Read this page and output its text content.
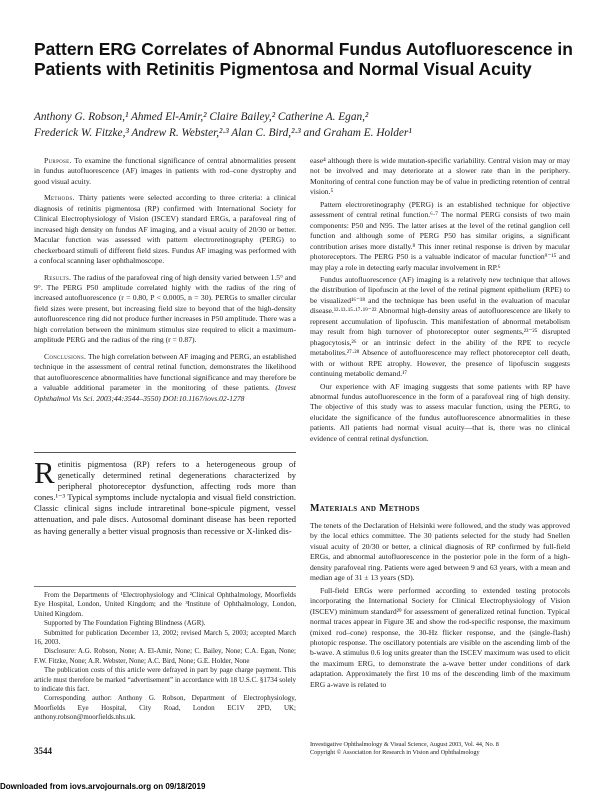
Pattern ERG Correlates of Abnormal Fundus Autofluorescence in Patients with Retinitis Pigmentosa and Normal Visual Acuity
Anthony G. Robson,¹ Ahmed El-Amir,² Claire Bailey,² Catherine A. Egan,²
Frederick W. Fitzke,³ Andrew R. Webster,²·³ Alan C. Bird,²·³ and Graham E. Holder¹

Purpose. To examine the functional significance of central abnormalities present in fundus autofluorescence (AF) images in patients with rod–cone dystrophy and good visual acuity.

Methods. Thirty patients were selected according to three criteria: a clinical diagnosis of retinitis pigmentosa (RP) confirmed with International Society for Clinical Electrophysiology of Vision (ISCEV) standard ERGs, a parafoveal ring of increased high density on fundus AF imaging, and a visual acuity of 20/30 or better. Macular function was assessed with pattern electroretinography (PERG) to checkerboard stimuli of different field sizes. Fundus AF imaging was performed with a confocal scanning laser ophthalmoscope.

Results. The radius of the parafoveal ring of high density varied between 1.5° and 9°. The PERG P50 amplitude correlated highly with the radius of the ring of increased autofluorescence (r = 0.80, P < 0.0005, n = 30). PERGs to smaller circular field sizes were present, but increasing field size to beyond that of the high-density autofluorescence ring did not produce further increases in P50 amplitude. There was a high correlation between the minimum stimulus size required to elicit a maximum-amplitude PERG and the radius of the ring (r = 0.87).

Conclusions. The high correlation between AF imaging and PERG, an established technique in the assessment of central retinal function, demonstrates the likelihood that autofluorescence abnormalities have functional significance and may therefore be a valuable additional parameter in the monitoring of these patients. (Invest Ophthalmol Vis Sci. 2003;44:3544–3550) DOI:10.1167/iovs.02-1278

Retinitis pigmentosa (RP) refers to a heterogeneous group of genetically determined retinal degenerations characterized by peripheral photoreceptor dysfunction, affecting rods more than cones.¹⁻³ Typical symptoms include nyctalopia and visual field constriction. Classic clinical signs include intraretinal bone-spicule pigment, vessel attenuation, and pale discs. Autosomal dominant disease has been reported as having generally a better visual prognosis than recessive or X-linked dis-

From the Departments of ¹Electrophysiology and ²Clinical Ophthalmology, Moorfields Eye Hospital, London, United Kingdom; and the ³Institute of Ophthalmology, London, United Kingdom.

Supported by The Foundation Fighting Blindness (AGR).

Submitted for publication December 13, 2002; revised March 5, 2003; accepted March 16, 2003.

Disclosure: A.G. Robson, None; A. El-Amir, None; C. Bailey, None; C.A. Egan, None; F.W. Fitzke, None; A.R. Webster, None; A.C. Bird, None; G.E. Holder, None

The publication costs of this article were defrayed in part by page charge payment. This article must therefore be marked “advertisement” in accordance with 18 U.S.C. §1734 solely to indicate this fact.

Corresponding author: Anthony G. Robson, Department of Electrophysiology, Moorfields Eye Hospital, City Road, London EC1V 2PD, UK; anthony.robson@moorfields.nhs.uk.

ease⁴ although there is wide mutation-specific variability. Central vision may or may not be involved and may deteriorate at a slower rate than in the periphery. Monitoring of central cone function may be of value in predicting retention of central vision.⁵

Pattern electroretinography (PERG) is an established technique for objective assessment of central retinal function.⁶·⁷ The normal PERG consists of two main components: P50 and N95. The latter arises at the level of the retinal ganglion cell function and although some of PERG P50 has similar origins, a significant contribution arises more distally.⁸ This inner retinal response is driven by macular photoreceptors. The PERG P50 is a valuable indicator of macular function⁹⁻¹⁵ and may play a role in detecting early macular involvement in RP.⁶

Fundus autofluorescence (AF) imaging is a relatively new technique that allows the distribution of lipofuscin at the level of the retinal pigment epithelium (RPE) to be visualized¹⁶⁻¹⁸ and the technique has been useful in the evaluation of macular disease.¹²·¹³·¹⁵·¹⁷·¹⁹⁻²² Abnormal high-density areas of autofluorescence are likely to represent accumulation of lipofuscin. This manifestation of abnormal metabolism may result from high turnover of photoreceptor outer segments,²³⁻²⁵ disrupted phagocytosis,²⁶ or an intrinsic defect in the ability of the RPE to recycle metabolites.²⁷·²⁸ Absence of autofluorescence may reflect photoreceptor cell death, with or without RPE atrophy. However, the presence of lipofuscin suggests continuing metabolic demand.¹⁷

Our experience with AF imaging suggests that some patients with RP have abnormal fundus autofluorescence in the form of a parafoveal ring of high density. The objective of this study was to assess macular function, using the PERG, to elucidate the significance of the fundus autofluorescence abnormalities in these patients. All patients had normal visual acuity—that is, there was no clinical evidence of central retinal dysfunction.

Materials and Methods

The tenets of the Declaration of Helsinki were followed, and the study was approved by the local ethics committee. The 30 patients selected for the study had Snellen visual acuity of 20/30 or better, a clinical diagnosis of RP confirmed by full-field ERGs, and abnormal autofluorescence in the posterior pole in the form of a high-density parafoveal ring. Patients were aged between 9 and 63 years, with a mean and median age of 31 ± 13 years (SD).

Full-field ERGs were performed according to extended testing protocols incorporating the International Society for Clinical Electrophysiology of Vision (ISCEV) minimum standard²⁹ for assessment of generalized retinal function. Typical normal traces appear in Figure 3E and show the rod-specific response, the maximum (mixed rod–cone) response, the 30-Hz flicker response, and the (single-flash) photopic response. The oscillatory potentials are visible on the ascending limb of the b-wave. A stimulus 0.6 log units greater than the ISCEV maximum was used to elicit the maximum ERG, to demonstrate the a-wave better under conditions of dark adaptation. Approximately the first 10 ms of the descending limb of the maximum ERG a-wave is related to

3544
Investigative Ophthalmology & Visual Science, August 2003, Vol. 44, No. 8
Copyright © Association for Research in Vision and Ophthalmology
Downloaded from iovs.arvojournals.org on 09/18/2019
